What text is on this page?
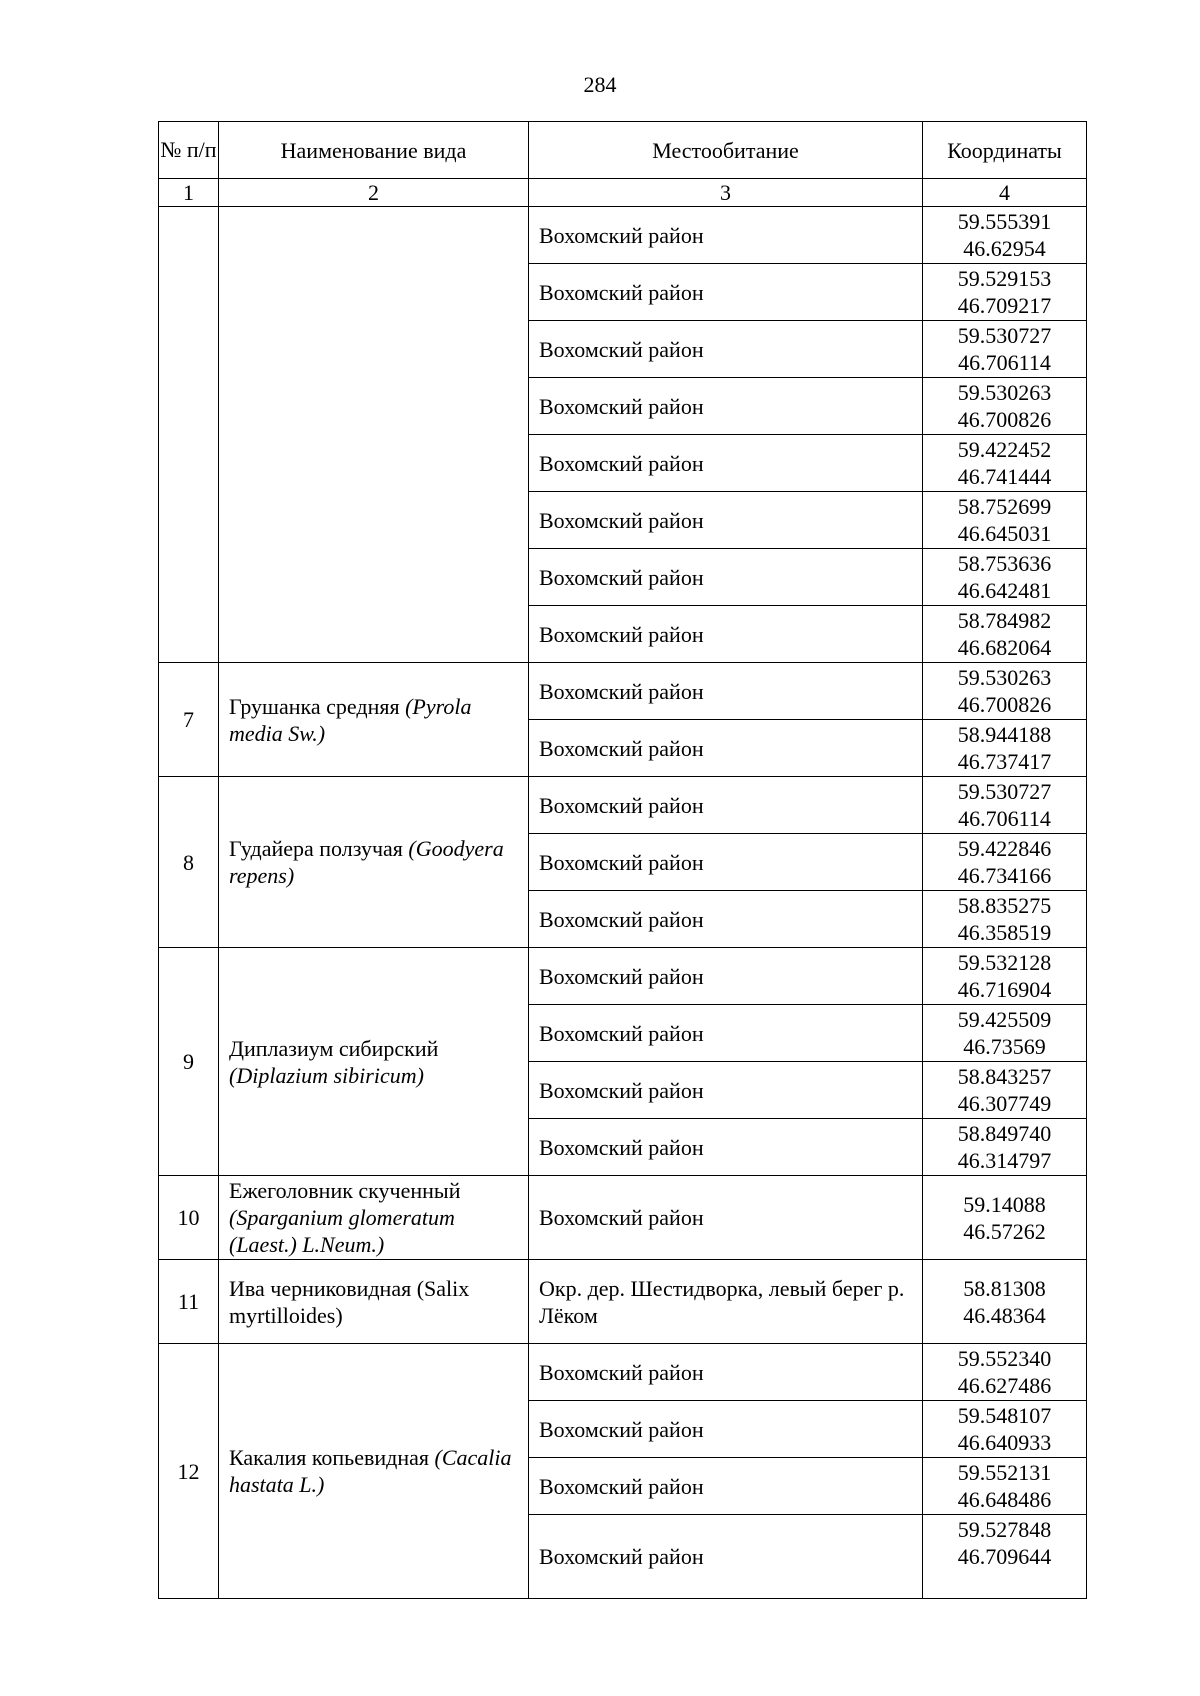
284
№ п/п	Наименование вида	Местообитание	Координаты
1	2	3	4
		Вохомский район	59.555391
46.62954

		Вохомский район	59.529153
46.709217

		Вохомский район	59.530727
46.706114

		Вохомский район	59.530263
46.700826

		Вохомский район	59.422452
46.741444

		Вохомский район	58.752699
46.645031

		Вохомский район	58.753636
46.642481

		Вохомский район	58.784982
46.682064

7	Грушанка средняя (Pyrola media Sw.)	Вохомский район	59.530263
46.700826

		Вохомский район	58.944188
46.737417

8	Гудайера ползучая (Goodyera repens)	Вохомский район	59.530727
46.706114

		Вохомский район	59.422846
46.734166

		Вохомский район	58.835275
46.358519

9	Диплазиум сибирский (Diplazium sibiricum)	Вохомский район	59.532128
46.716904

		Вохомский район	59.425509
46.73569

		Вохомский район	58.843257
46.307749

		Вохомский район	58.849740
46.314797

10	Ежеголовник скученный (Sparganium glomeratum (Laest.) L.Neum.)	Вохомский район	59.14088
46.57262

11	Ива черниковидная (Salix myrtilloides)	Окр. дер. Шестидворка, левый берег р. Лёком	58.81308
46.48364

12	Какалия копьевидная (Cacalia hastata L.)	Вохомский район	59.552340
46.627486

		Вохомский район	59.548107
46.640933

		Вохомский район	59.552131
46.648486

		Вохомский район	59.527848
46.709644
